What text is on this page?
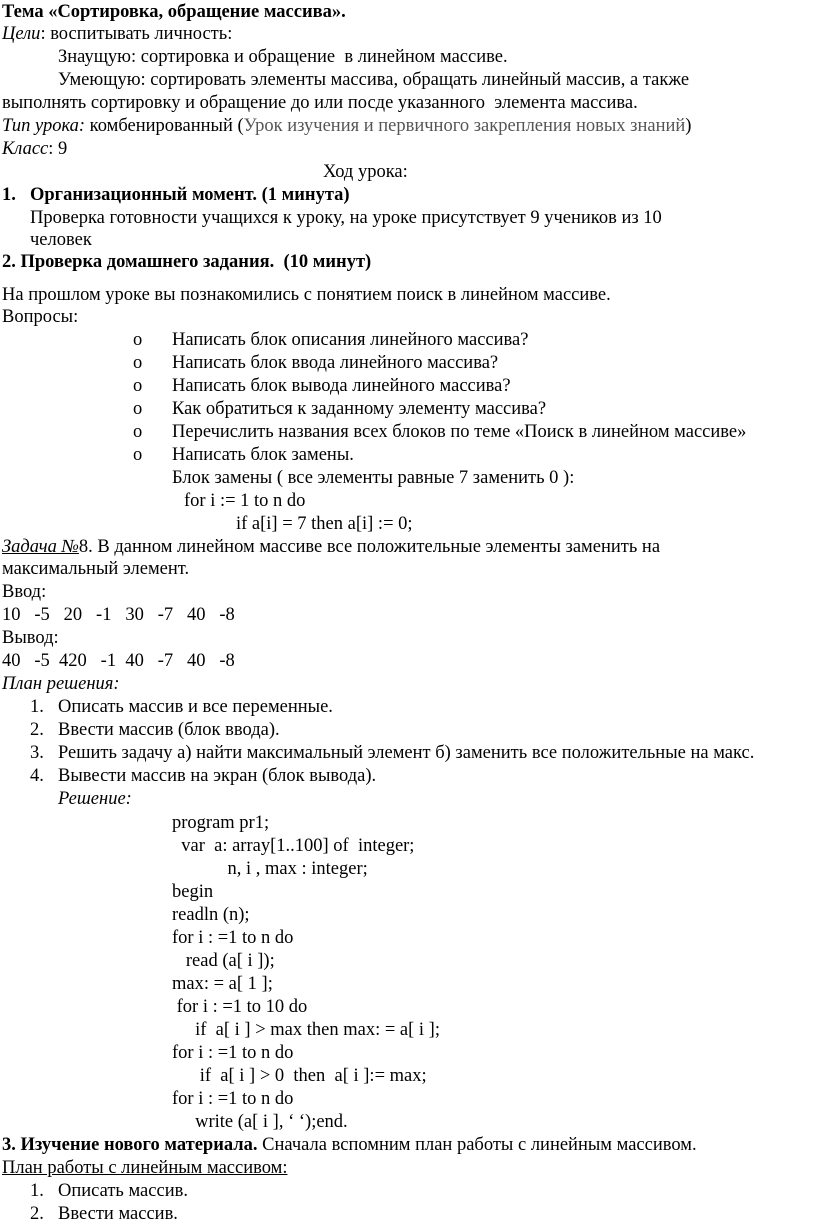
Тема «Сортировка, обращение массива».
Цели: воспитывать личность:
Знаущую: сортировка и обращение  в линейном массиве.
Умеющую: сортировать элементы массива, обращать линейный массив, а также
выполнять сортировку и обращение до или посде указанного  элемента массива.
Тип урока: комбенированный (Урок изучения и первичного закрепления новых знаний)
Класс: 9
Ход урока:
1. Организационный момент. (1 минута)
Проверка готовности учащихся к уроку, на уроке присутствует 9 учеников из 10
человек
2. Проверка домашнего задания.  (10 минут)
На прошлом уроке вы познакомились с понятием поиск в линейном массиве.
Вопросы:
o Написать блок описания линейного массива?
o Написать блок ввода линейного массива?
o Написать блок вывода линейного массива?
o Как обратиться к заданному элементу массива?
o Перечислить названия всех блоков по теме «Поиск в линейном массиве»
o Написать блок замены.
Блок замены ( все элементы равные 7 заменить 0 ):
for i := 1 to n do
if a[i] = 7 then a[i] := 0;
Задача №8. В данном линейном массиве все положительные элементы заменить на
максимальный элемент.
Ввод:
10   -5   20   -1   30   -7   40   -8
Вывод:
40   -5  420   -1  40   -7   40   -8
План решения:
1. Описать массив и все переменные.
2. Ввести массив (блок ввода).
3. Решить задачу а) найти максимальный элемент б) заменить все положительные на макс.
4. Вывести массив на экран (блок вывода).
Решение:
program pr1;
var  a: array[1..100] of  integer;
n, i , max : integer;
begin
readln (n);
for i : =1 to n do
read (a[ i ]);
max: = a[ 1 ];
for i : =1 to 10 do
if  a[ i ] > max then max: = a[ i ];
for i : =1 to n do
if  a[ i ] > 0  then  a[ i ]:= max;
for i : =1 to n do
write (a[ i ], ‘ ‘);end.
3. Изучение нового материала. Сначала вспомним план работы с линейным массивом.
План работы с линейным массивом:
1. Описать массив.
2. Ввести массив.
